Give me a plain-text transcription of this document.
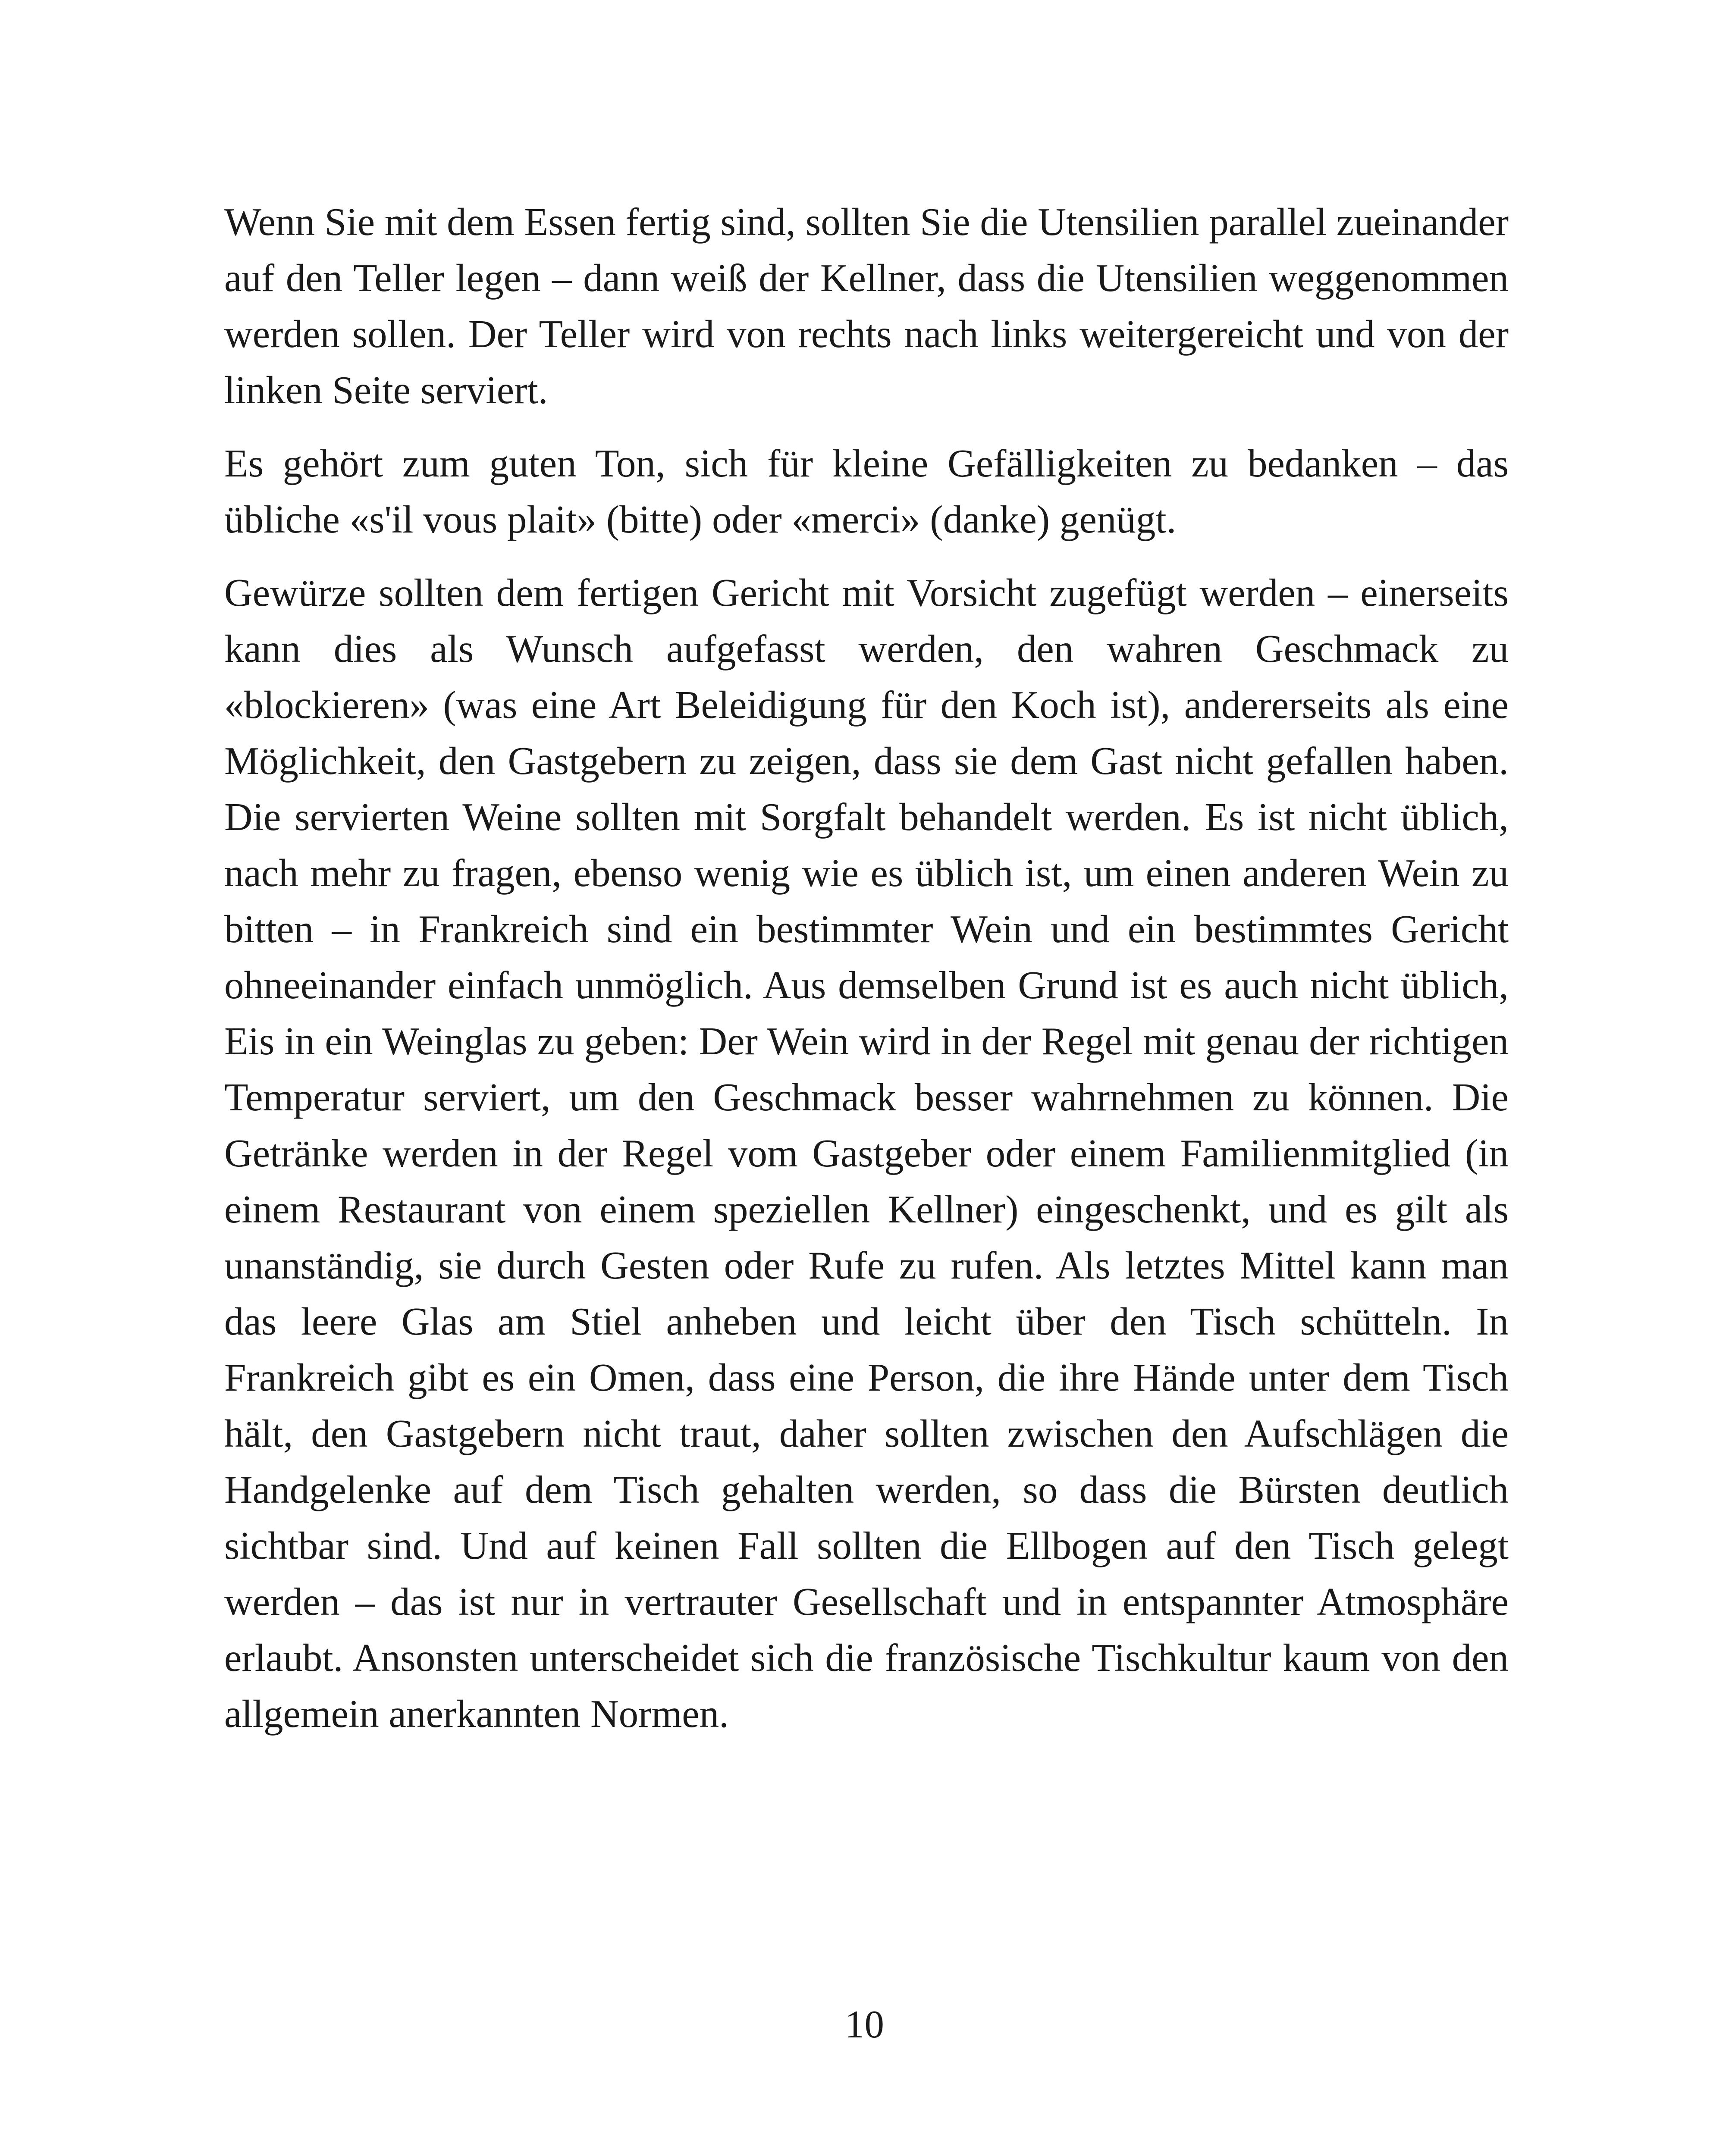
Wenn Sie mit dem Essen fertig sind, sollten Sie die Utensilien parallel zueinander auf den Teller legen – dann weiß der Kellner, dass die Utensilien weggenommen werden sollen. Der Teller wird von rechts nach links weitergereicht und von der linken Seite serviert.

Es gehört zum guten Ton, sich für kleine Gefälligkeiten zu bedanken – das übliche «s'il vous plait» (bitte) oder «merci» (danke) genügt.

Gewürze sollten dem fertigen Gericht mit Vorsicht zugefügt werden – einerseits kann dies als Wunsch aufgefasst werden, den wahren Geschmack zu «blockieren» (was eine Art Beleidigung für den Koch ist), andererseits als eine Möglichkeit, den Gastgebern zu zeigen, dass sie dem Gast nicht gefallen haben. Die servierten Weine sollten mit Sorgfalt behandelt werden. Es ist nicht üblich, nach mehr zu fragen, ebenso wenig wie es üblich ist, um einen anderen Wein zu bitten – in Frankreich sind ein bestimmter Wein und ein bestimmtes Gericht ohneeinander einfach unmöglich. Aus demselben Grund ist es auch nicht üblich, Eis in ein Weinglas zu geben: Der Wein wird in der Regel mit genau der richtigen Temperatur serviert, um den Geschmack besser wahrnehmen zu können. Die Getränke werden in der Regel vom Gastgeber oder einem Familienmitglied (in einem Restaurant von einem speziellen Kellner) eingeschenkt, und es gilt als unanständig, sie durch Gesten oder Rufe zu rufen. Als letztes Mittel kann man das leere Glas am Stiel anheben und leicht über den Tisch schütteln. In Frankreich gibt es ein Omen, dass eine Person, die ihre Hände unter dem Tisch hält, den Gastgebern nicht traut, daher sollten zwischen den Aufschlägen die Handgelenke auf dem Tisch gehalten werden, so dass die Bürsten deutlich sichtbar sind. Und auf keinen Fall sollten die Ellbogen auf den Tisch gelegt werden – das ist nur in vertrauter Gesellschaft und in entspannter Atmosphäre erlaubt. Ansonsten unterscheidet sich die französische Tischkultur kaum von den allgemein anerkannten Normen.

10
